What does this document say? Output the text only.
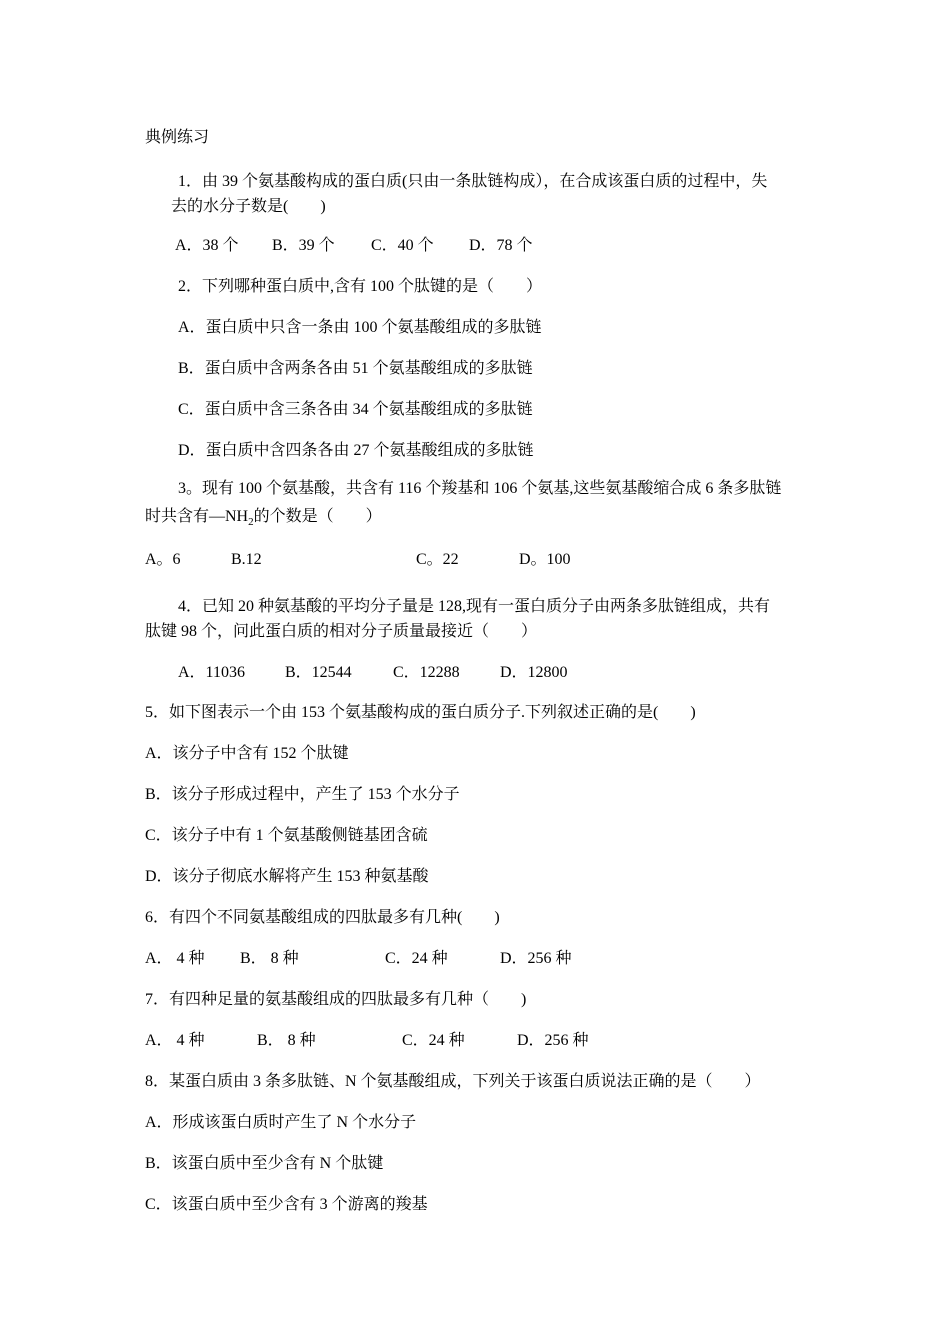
典例练习
1．由 39 个氨基酸构成的蛋白质(只由一条肽链构成），在合成该蛋白质的过程中，失
去的水分子数是(　　)
A．38 个 B．39 个 C．40 个 D．78 个
2．下列哪种蛋白质中,含有 100 个肽键的是（　　）
A．蛋白质中只含一条由 100 个氨基酸组成的多肽链
B．蛋白质中含两条各由 51 个氨基酸组成的多肽链
C．蛋白质中含三条各由 34 个氨基酸组成的多肽链
D．蛋白质中含四条各由 27 个氨基酸组成的多肽链
3。现有 100 个氨基酸，共含有 116 个羧基和 106 个氨基,这些氨基酸缩合成 6 条多肽链
时共含有$—NH_2$的个数是（　　）
A。6	B.12	C。22	D。100
4．已知 20 种氨基酸的平均分子量是 128,现有一蛋白质分子由两条多肽链组成，共有
肽键 98 个，问此蛋白质的相对分子质量最接近（　　）
A．11036	B．12544	C．12288	D．12800
5．如下图表示一个由 153 个氨基酸构成的蛋白质分子.下列叙述正确的是(　　)
A．该分子中含有 152 个肽键
B．该分子形成过程中，产生了 153 个水分子
C．该分子中有 1 个氨基酸侧链基团含硫
D．该分子彻底水解将产生 153 种氨基酸
6．有四个不同氨基酸组成的四肽最多有几种(　　)
A． 4 种 B． 8 种	C．24 种	D．256 种
7．有四种足量的氨基酸组成的四肽最多有几种（　　)
A． 4 种	B． 8 种	C．24 种	D．256 种
8．某蛋白质由 3 条多肽链、N 个氨基酸组成，下列关于该蛋白质说法正确的是（　　）
A．形成该蛋白质时产生了 N 个水分子
B．该蛋白质中至少含有 N 个肽键
C．该蛋白质中至少含有 3 个游离的羧基
